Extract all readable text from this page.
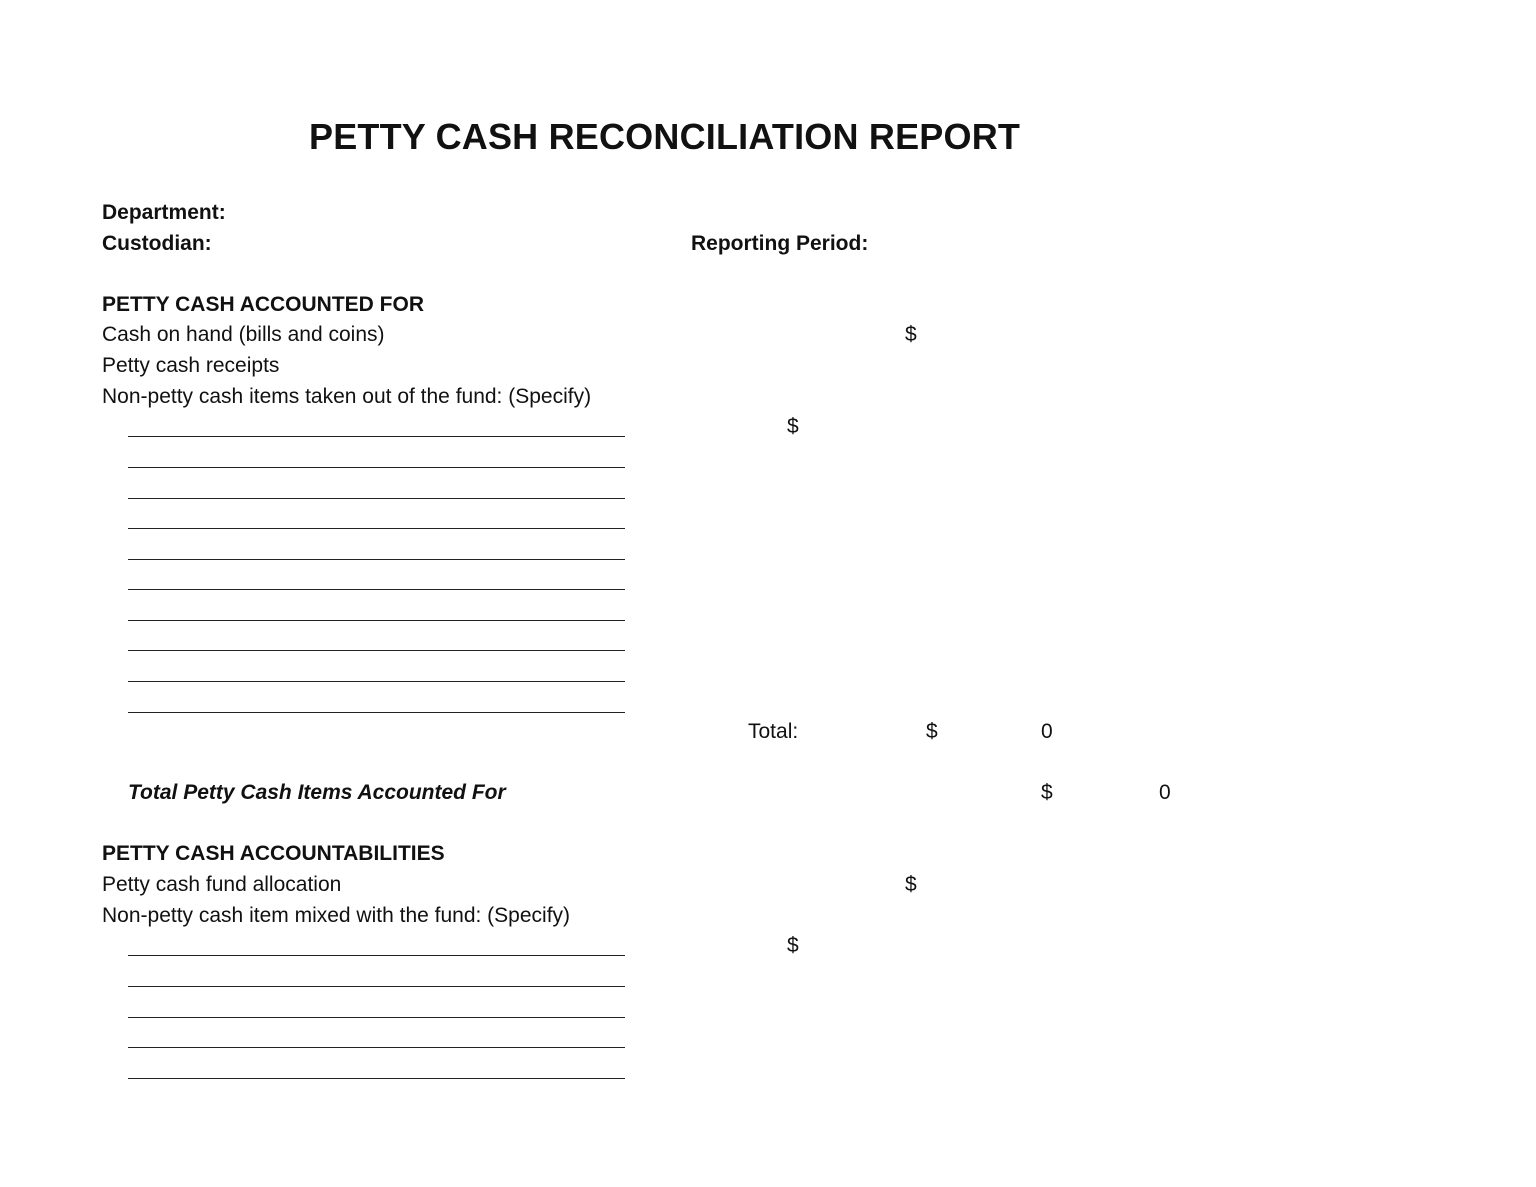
PETTY CASH RECONCILIATION REPORT
Department:
Custodian:	Reporting Period:
PETTY CASH ACCOUNTED FOR
Cash on hand (bills and coins)	$
Petty cash receipts
Non-petty cash items taken out of the fund: (Specify)
$
Total:	$	0
Total Petty Cash Items Accounted For	$	0
PETTY CASH ACCOUNTABILITIES
Petty cash fund allocation	$
Non-petty cash item mixed with the fund: (Specify)
$
